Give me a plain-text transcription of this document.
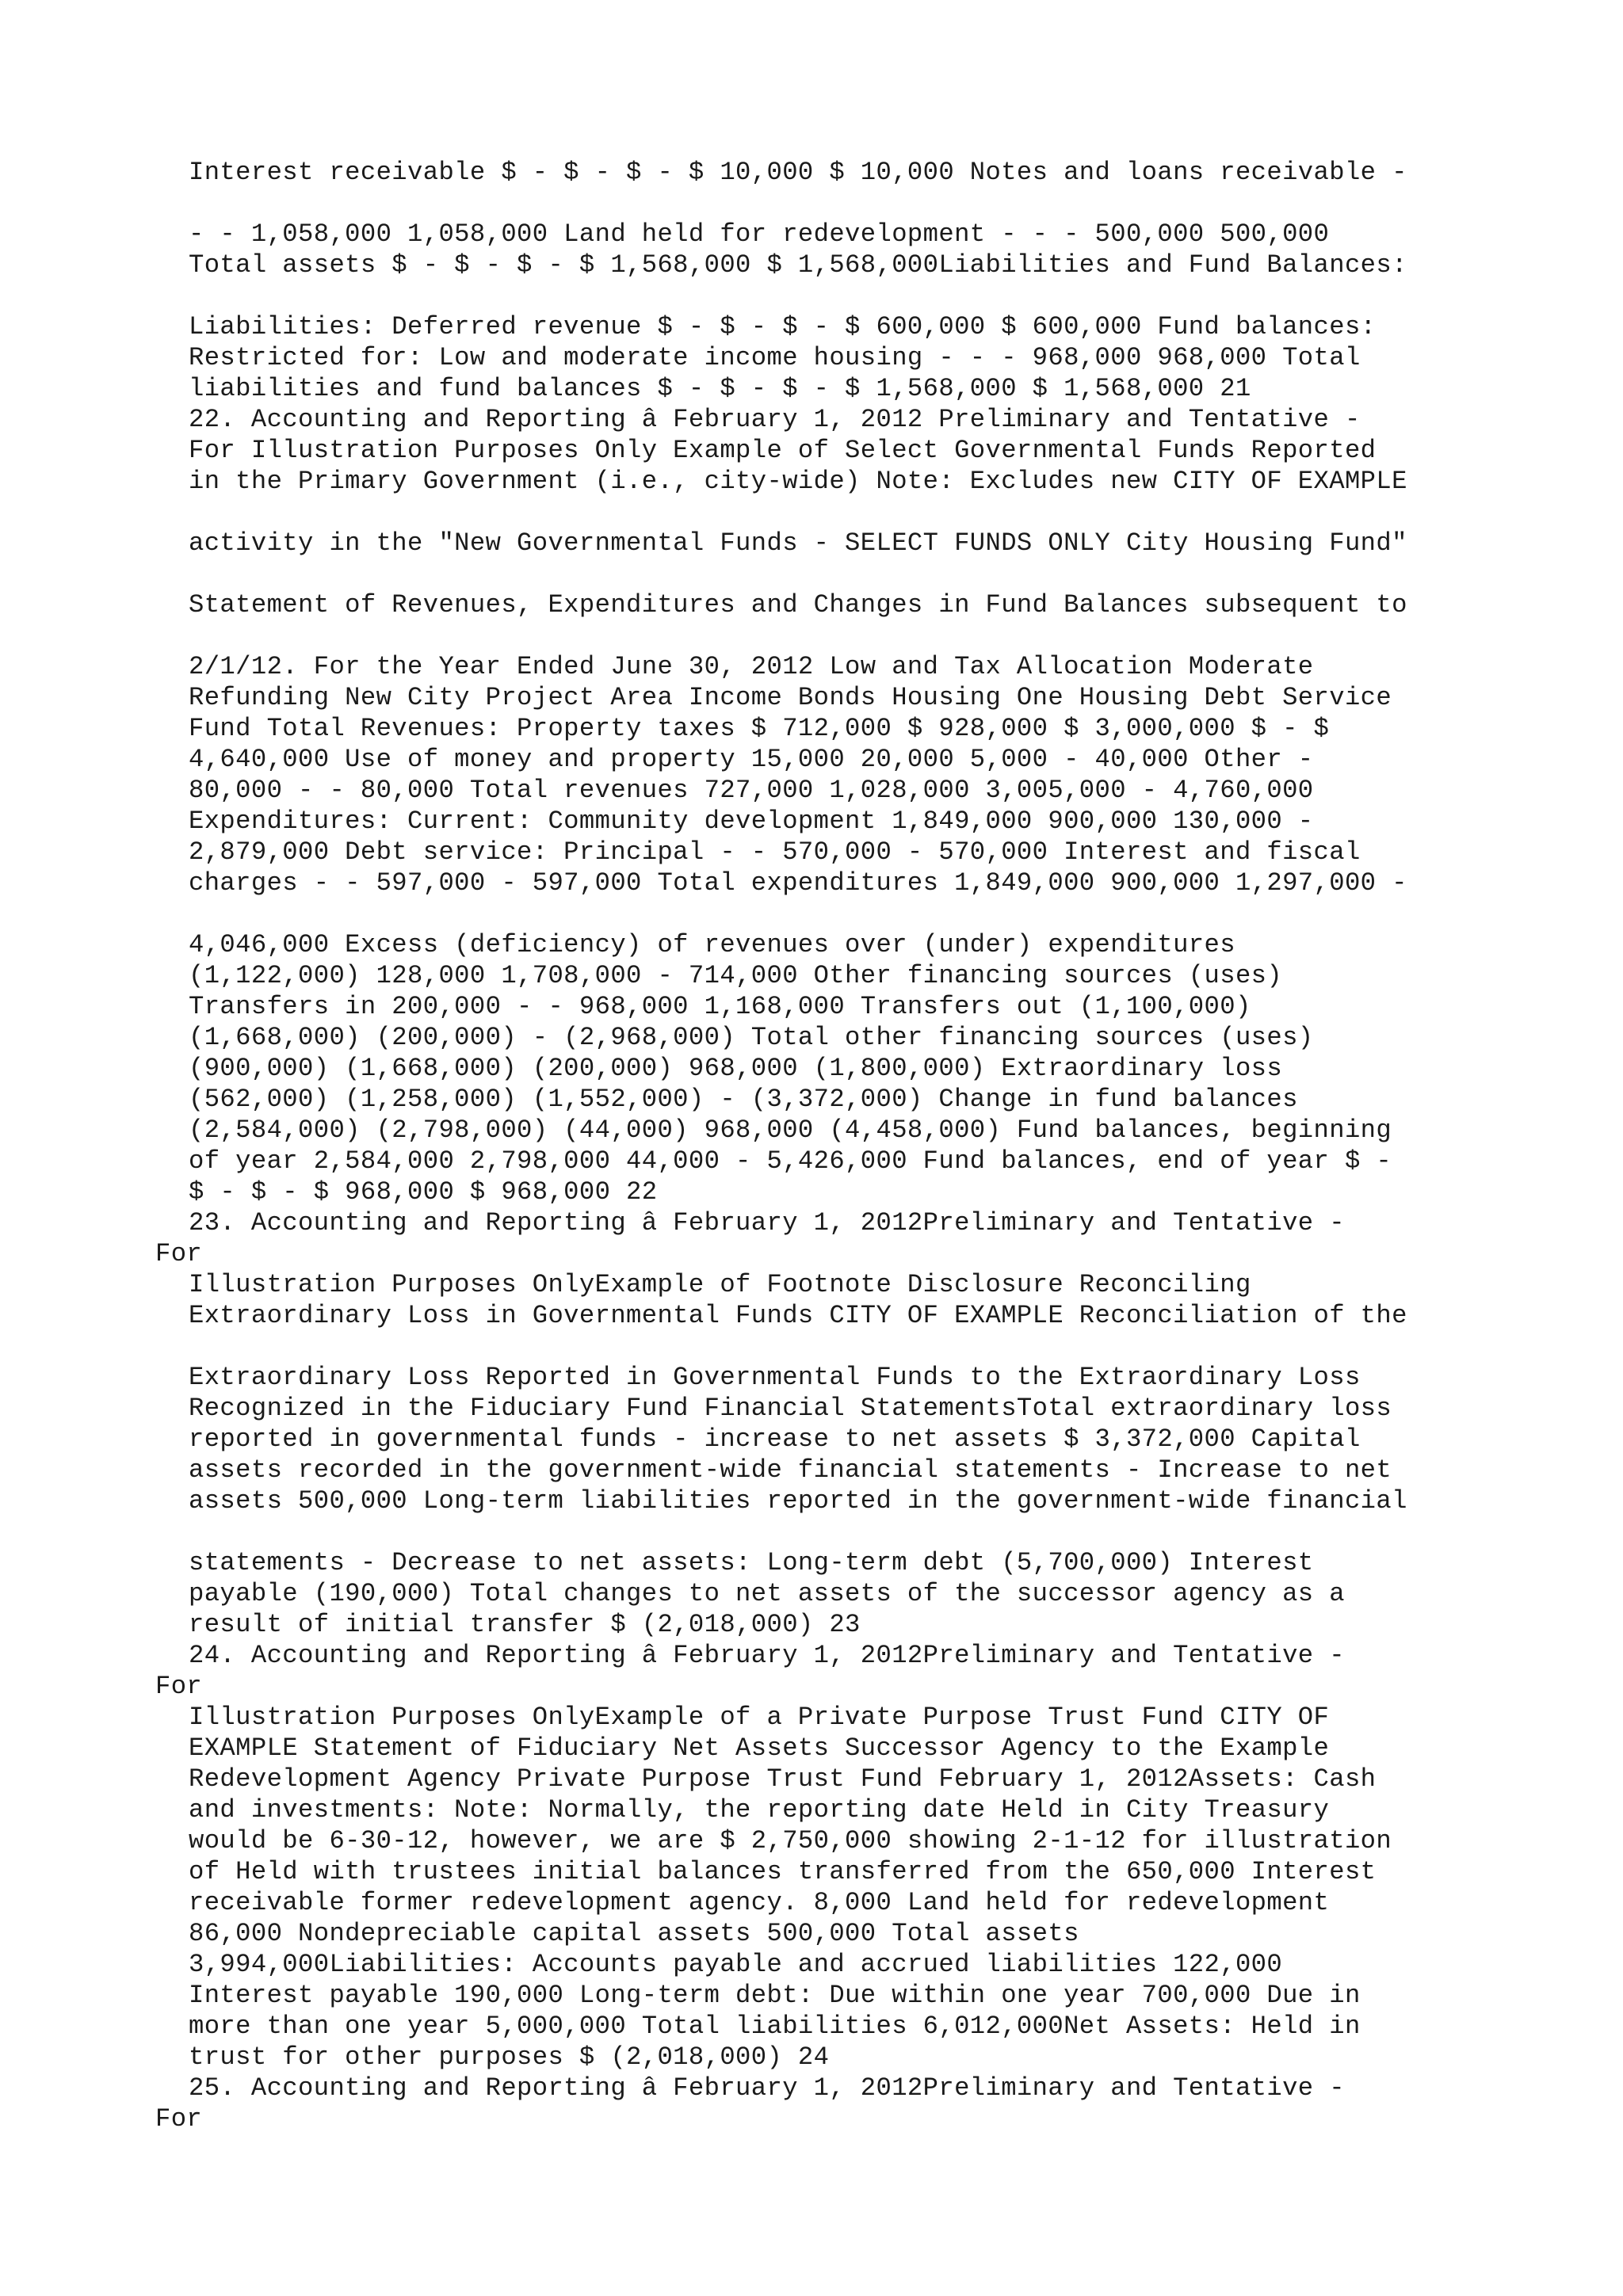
Interest receivable $ - $ - $ - $ 10,000 $ 10,000 Notes and loans receivable -
- - 1,058,000 1,058,000 Land held for redevelopment - - - 500,000 500,000
Total assets $ - $ - $ - $ 1,568,000 $ 1,568,000Liabilities and Fund Balances:
Liabilities: Deferred revenue $ - $ - $ - $ 600,000 $ 600,000 Fund balances:
Restricted for: Low and moderate income housing - - - 968,000 968,000 Total
liabilities and fund balances $ - $ - $ - $ 1,568,000 $ 1,568,000 21
22. Accounting and Reporting â February 1, 2012 Preliminary and Tentative -
For Illustration Purposes Only Example of Select Governmental Funds Reported
in the Primary Government (i.e., city-wide) Note: Excludes new CITY OF EXAMPLE
activity in the "New Governmental Funds - SELECT FUNDS ONLY City Housing Fund"
Statement of Revenues, Expenditures and Changes in Fund Balances subsequent to
2/1/12. For the Year Ended June 30, 2012 Low and Tax Allocation Moderate
Refunding New City Project Area Income Bonds Housing One Housing Debt Service
Fund Total Revenues: Property taxes $ 712,000 $ 928,000 $ 3,000,000 $ - $
4,640,000 Use of money and property 15,000 20,000 5,000 - 40,000 Other -
80,000 - - 80,000 Total revenues 727,000 1,028,000 3,005,000 - 4,760,000
Expenditures: Current: Community development 1,849,000 900,000 130,000 -
2,879,000 Debt service: Principal - - 570,000 - 570,000 Interest and fiscal
charges - - 597,000 - 597,000 Total expenditures 1,849,000 900,000 1,297,000 -
4,046,000 Excess (deficiency) of revenues over (under) expenditures
(1,122,000) 128,000 1,708,000 - 714,000 Other financing sources (uses)
Transfers in 200,000 - - 968,000 1,168,000 Transfers out (1,100,000)
(1,668,000) (200,000) - (2,968,000) Total other financing sources (uses)
(900,000) (1,668,000) (200,000) 968,000 (1,800,000) Extraordinary loss
(562,000) (1,258,000) (1,552,000) - (3,372,000) Change in fund balances
(2,584,000) (2,798,000) (44,000) 968,000 (4,458,000) Fund balances, beginning
of year 2,584,000 2,798,000 44,000 - 5,426,000 Fund balances, end of year $ -
$ - $ - $ 968,000 $ 968,000 22
23. Accounting and Reporting â February 1, 2012Preliminary and Tentative -
For
Illustration Purposes OnlyExample of Footnote Disclosure Reconciling
Extraordinary Loss in Governmental Funds CITY OF EXAMPLE Reconciliation of the
Extraordinary Loss Reported in Governmental Funds to the Extraordinary Loss
Recognized in the Fiduciary Fund Financial StatementsTotal extraordinary loss
reported in governmental funds - increase to net assets $ 3,372,000 Capital
assets recorded in the government-wide financial statements - Increase to net
assets 500,000 Long-term liabilities reported in the government-wide financial
statements - Decrease to net assets: Long-term debt (5,700,000) Interest
payable (190,000) Total changes to net assets of the successor agency as a
result of initial transfer $ (2,018,000) 23
24. Accounting and Reporting â February 1, 2012Preliminary and Tentative -
For
Illustration Purposes OnlyExample of a Private Purpose Trust Fund CITY OF
EXAMPLE Statement of Fiduciary Net Assets Successor Agency to the Example
Redevelopment Agency Private Purpose Trust Fund February 1, 2012Assets: Cash
and investments: Note: Normally, the reporting date Held in City Treasury
would be 6-30-12, however, we are $ 2,750,000 showing 2-1-12 for illustration
of Held with trustees initial balances transferred from the 650,000 Interest
receivable former redevelopment agency. 8,000 Land held for redevelopment
86,000 Nondepreciable capital assets 500,000 Total assets
3,994,000Liabilities: Accounts payable and accrued liabilities 122,000
Interest payable 190,000 Long-term debt: Due within one year 700,000 Due in
more than one year 5,000,000 Total liabilities 6,012,000Net Assets: Held in
trust for other purposes $ (2,018,000) 24
25. Accounting and Reporting â February 1, 2012Preliminary and Tentative -
For
